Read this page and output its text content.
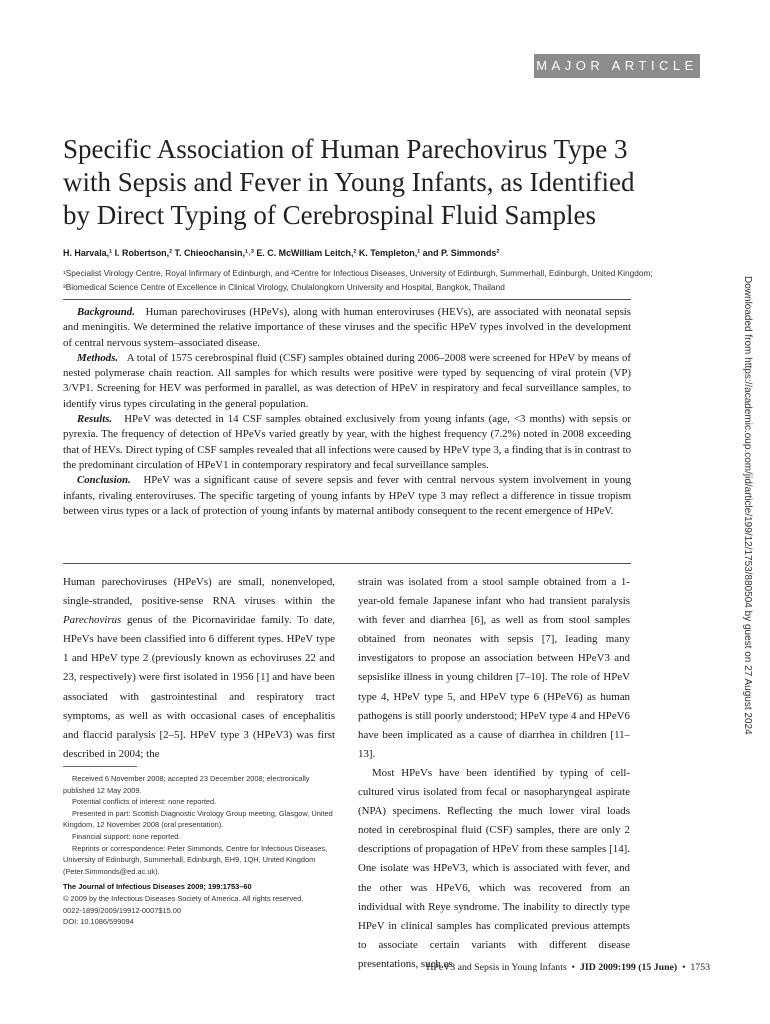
MAJOR ARTICLE
Specific Association of Human Parechovirus Type 3 with Sepsis and Fever in Young Infants, as Identified by Direct Typing of Cerebrospinal Fluid Samples

H. Harvala,¹ I. Robertson,² T. Chieochansin,¹˒³ E. C. McWilliam Leitch,² K. Templeton,¹ and P. Simmonds²

¹Specialist Virology Centre, Royal Infirmary of Edinburgh, and ²Centre for Infectious Diseases, University of Edinburgh, Summerhall, Edinburgh, United Kingdom; ³Biomedical Science Centre of Excellence in Clinical Virology, Chulalongkorn University and Hospital, Bangkok, Thailand

Background. Human parechoviruses (HPeVs), along with human enteroviruses (HEVs), are associated with neonatal sepsis and meningitis. We determined the relative importance of these viruses and the specific HPeV types involved in the development of central nervous system–associated disease.

Methods. A total of 1575 cerebrospinal fluid (CSF) samples obtained during 2006–2008 were screened for HPeV by means of nested polymerase chain reaction. All samples for which results were positive were typed by sequencing of viral protein (VP) 3/VP1. Screening for HEV was performed in parallel, as was detection of HPeV in respiratory and fecal surveillance samples, to identify virus types circulating in the general population.

Results. HPeV was detected in 14 CSF samples obtained exclusively from young infants (age, <3 months) with sepsis or pyrexia. The frequency of detection of HPeVs varied greatly by year, with the highest frequency (7.2%) noted in 2008 exceeding that of HEVs. Direct typing of CSF samples revealed that all infections were caused by HPeV type 3, a finding that is in contrast to the predominant circulation of HPeV1 in contemporary respiratory and fecal surveillance samples.

Conclusion. HPeV was a significant cause of severe sepsis and fever with central nervous system involvement in young infants, rivaling enteroviruses. The specific targeting of young infants by HPeV type 3 may reflect a difference in tissue tropism between virus types or a lack of protection of young infants by maternal antibody consequent to the recent emergence of HPeV.

Human parechoviruses (HPeVs) are small, nonenveloped, single-stranded, positive-sense RNA viruses within the Parechovirus genus of the Picornaviridae family. To date, HPeVs have been classified into 6 different types. HPeV type 1 and HPeV type 2 (previously known as echoviruses 22 and 23, respectively) were first isolated in 1956 [1] and have been associated with gastrointestinal and respiratory tract symptoms, as well as with occasional cases of encephalitis and flaccid paralysis [2–5]. HPeV type 3 (HPeV3) was first described in 2004; the

strain was isolated from a stool sample obtained from a 1-year-old female Japanese infant who had transient paralysis with fever and diarrhea [6], as well as from stool samples obtained from neonates with sepsis [7], leading many investigators to propose an association between HPeV3 and sepsislike illness in young children [7–10]. The role of HPeV type 4, HPeV type 5, and HPeV type 6 (HPeV6) as human pathogens is still poorly understood; HPeV type 4 and HPeV6 have been implicated as a cause of diarrhea in children [11–13].

Most HPeVs have been identified by typing of cell-cultured virus isolated from fecal or nasopharyngeal aspirate (NPA) specimens. Reflecting the much lower viral loads noted in cerebrospinal fluid (CSF) samples, there are only 2 descriptions of propagation of HPeV from these samples [14]. One isolate was HPeV3, which is associated with fever, and the other was HPeV6, which was recovered from an individual with Reye syndrome. The inability to directly type HPeV in clinical samples has complicated previous attempts to associate certain variants with different disease presentations, such as

Received 6 November 2008; accepted 23 December 2008; electronically published 12 May 2009.

Potential conflicts of interest: none reported.

Presented in part: Scottish Diagnostic Virology Group meeting, Glasgow, United Kingdom, 12 November 2008 (oral presentation).

Financial support: none reported.

Reprints or correspondence: Peter Simmonds, Centre for Infectious Diseases, University of Edinburgh, Summerhall, Edinburgh, EH9, 1QH, United Kingdom (Peter.Simmonds@ed.ac.uk).

The Journal of Infectious Diseases 2009; 199:1753–60

© 2009 by the Infectious Diseases Society of America. All rights reserved.

0022-1899/2009/19912-0007$15.00

DOI: 10.1086/599094

Downloaded from https://academic.oup.com/jid/article/199/12/1753/880504 by guest on 27 August 2024
HPeV3 and Sepsis in Young Infants • JID 2009:199 (15 June) • 1753
